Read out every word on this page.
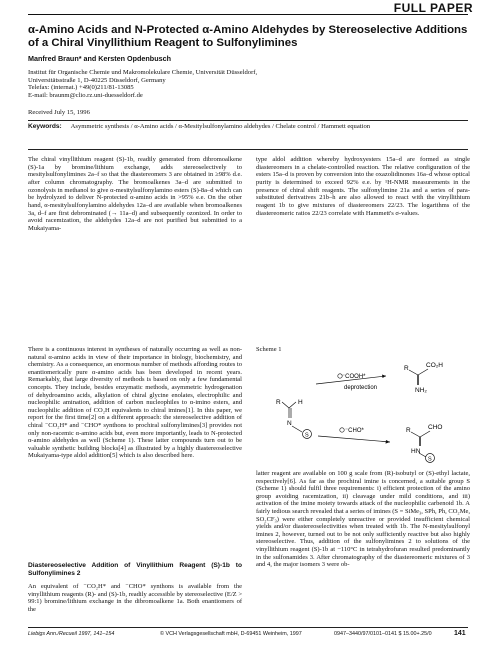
FULL PAPER
α-Amino Acids and N-Protected α-Amino Aldehydes by Stereoselective Additions of a Chiral Vinyllithium Reagent to Sulfonylimines
Manfred Braun* and Kersten Opdenbusch
Institut für Organische Chemie und Makromolekulare Chemie, Universität Düsseldorf,
Universitätsstraße 1, D-40225 Düsseldorf, Germany
Telefax: (internat.) +49(0)211/81-13085
E-mail: braunm@clio.rz.uni-duesseldorf.de
Received July 15, 1996
Keywords: Asymmetric synthesis / α-Amino acids / α-Mesitylsulfonylamino aldehydes / Chelate control / Hammett equation
The chiral vinyllithium reagent (S)-1b, readily generated from dibromoalkene (S)-1a by bromine/lithium exchange, adds stereoselectively to mesitylsulfonylimines 2a–f so that the diastereomers 3 are obtained in ≥98% d.e. after column chromatography. The bromoalkenes 3a–d are submitted to ozonolysis in methanol to give α-mesitylsulfonylamino esters (S)-8a–d which can be hydrolyzed to deliver N-protected α-amino acids in >95% e.e. On the other hand, α-mesitylsulfonylamino aldehydes 12a–d are available when bromoalkenes 3a, d–f are first debrominated (→ 11a–d) and subsequently ozonized. In order to avoid racemization, the aldehydes 12a–d are not purified but submitted to a Mukaiyama-
type aldol addition whereby hydroxyesters 15a–d are formed as single diastereomers in a chelate-controlled reaction. The relative configuration of the esters 15a–d is proven by conversion into the oxazolidinones 16a–d whose optical purity is determined to exceed 92% e.e. by ¹H-NMR measurements in the presence of chiral shift reagents. The sulfonylimine 21a and a series of para-substituted derivatives 21b–h are also allowed to react with the vinyllithium reagent 1b to give mixtures of diastereomers 22/23. The logarithms of the diastereomeric ratios 22/23 correlate with Hammett's σ-values.
There is a continuous interest in syntheses of naturally occurring as well as non-natural α-amino acids in view of their importance in biology, biochemistry, and chemistry. As a consequence, an enormous number of methods affording routes to enantiomerically pure α-amino acids has been developed in recent years. Remarkably, that large diversity of methods is based on only a few fundamental concepts. They include, besides enzymatic methods, asymmetric hydrogenation of dehydroamino acids, alkylation of chiral glycine enolates, electrophilic and nucleophilic amination, addition of carbon nucleophiles to α-imino esters, and nucleophilic addition of CO₂H equivalents to chiral imines[1]. In this paper, we report for the first time[2] on a different approach: the stereoselective addition of chiral ⁻CO₂H* and ⁻CHO* synthons to prochiral sulfonylimines[3] provides not only non-racemic α-amino acids but, even more importantly, leads to N-protected α-amino aldehydes as well (Scheme 1). These latter compounds turn out to be valuable synthetic building blocks[4] as illustrated by a highly diastereoselective Mukaiyama-type aldol addition[5] which is also described here.
Diastereoselective Addition of Vinyllithium Reagent (S)-1b to Sulfonylimines 2
An equivalent of ⁻CO₂H* and ⁻CHO* synthons is available from the vinyllithium reagents (R)- and (S)-1b, readily accessible by stereoselective (E/Z > 99:1) bromine/lithium exchange in the dibromoalkene 1a. Both enantiomers of the
Scheme 1
R	H
N
S
⁻COOH*
deprotection
⁻CHO*
R	CO₂H
NH₂
R	CHO
HN
S
latter reagent are available on 100 g scale from (R)-isobutyl or (S)-ethyl lactate, respectively[6]. As far as the prochiral imine is concerned, a suitable group S (Scheme 1) should fulfil three requirements: i) efficient protection of the amino group avoiding racemization, ii) cleavage under mild conditions, and iii) activation of the imine moiety towards attack of the nucleophilic carbenoid 1b. A fairly tedious search revealed that a series of imines (S = SiMe₃, SPh, Ph, CO₂Me, SO₂CF₃) were either completely unreactive or provided insufficient chemical yields and/or diastereoselectivities when treated with 1b. The N-mesitylsulfonyl imines 2, however, turned out to be not only sufficiently reactive but also highly stereoselective. Thus, addition of the sulfonylimines 2 to solutions of the vinyllithium reagent (S)-1b at −110°C in tetrahydrofuran resulted predominantly in the sulfonamides 3. After chromatography of the diastereomeric mixtures of 3 and 4, the major isomers 3 were ob-
Liebigs Ann./Recueil 1997, 141–154	© VCH Verlagsgesellschaft mbH, D-69451 Weinheim, 1997	0947–3440/97/0101–0141 $ 15.00+.25/0	141
